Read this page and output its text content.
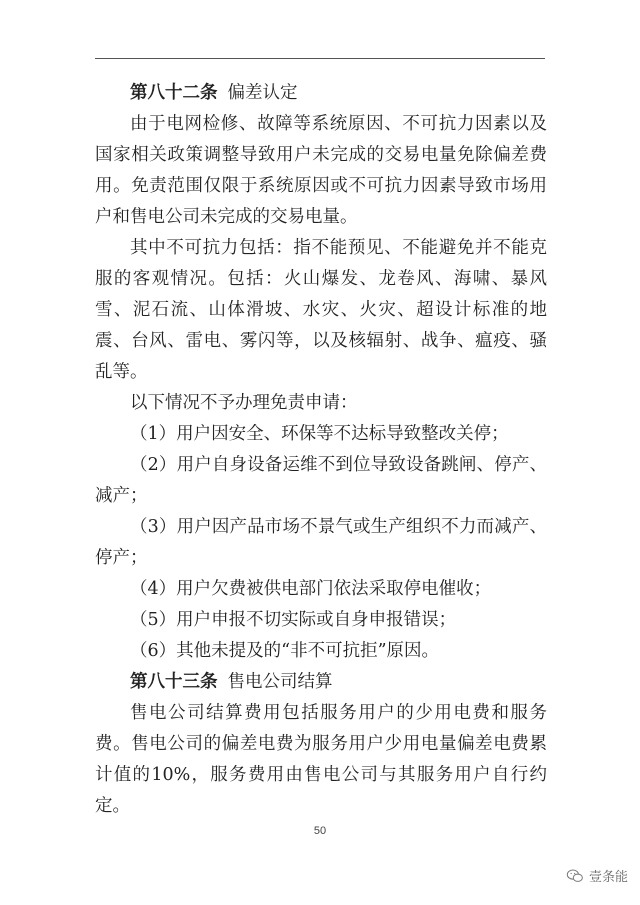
第八十二条 偏差认定

由于电网检修、故障等系统原因、不可抗力因素以及国家相关政策调整导致用户未完成的交易电量免除偏差费用。免责范围仅限于系统原因或不可抗力因素导致市场用户和售电公司未完成的交易电量。

其中不可抗力包括：指不能预见、不能避免并不能克服的客观情况。包括：火山爆发、龙卷风、海啸、暴风雪、泥石流、山体滑坡、水灾、火灾、超设计标准的地震、台风、雷电、雾闪等，以及核辐射、战争、瘟疫、骚乱等。

以下情况不予办理免责申请：

（1）用户因安全、环保等不达标导致整改关停；

（2）用户自身设备运维不到位导致设备跳闸、停产、减产；

（3）用户因产品市场不景气或生产组织不力而减产、停产；

（4）用户欠费被供电部门依法采取停电催收；

（5）用户申报不切实际或自身申报错误；

（6）其他未提及的“非不可抗拒”原因。

第八十三条 售电公司结算

售电公司结算费用包括服务用户的少用电费和服务费。售电公司的偏差电费为服务用户少用电量偏差电费累计值的10%，服务费用由售电公司与其服务用户自行约定。

50
壹条能
